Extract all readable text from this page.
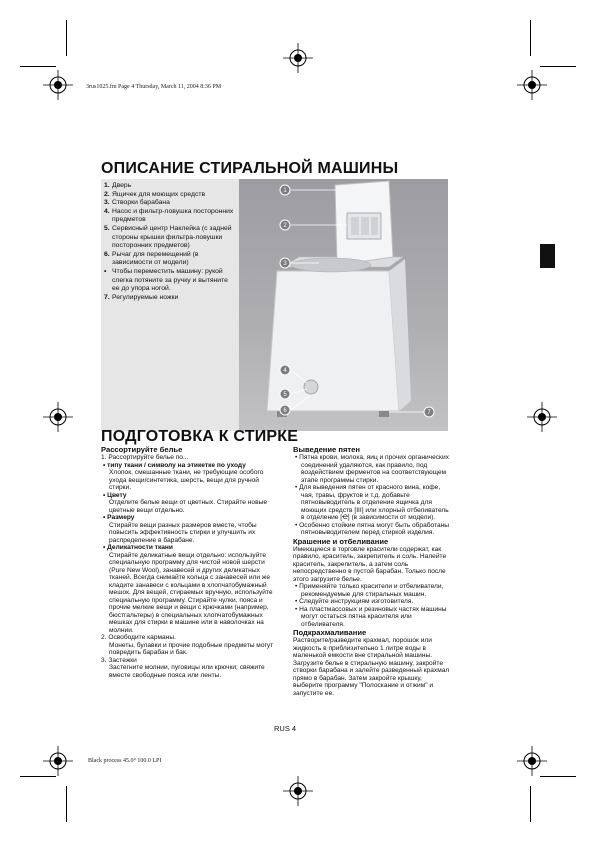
3rus1025.fm Page 4 Thursday, March 11, 2004 8:36 PM
Black process 45.0° 100.0 LPI
ОПИСАНИЕ СТИРАЛЬНОЙ МАШИНЫ
1. Дверь
2. Ящичек для моющих средств
3. Створки барабана
4. Насос и фильтр-ловушка посторонних предметов
5. Сервисный центр Наклейка (с задней стороны крышки фильтра-ловушки посторонних предметов)
6. Рычаг для перемещений (в зависимости от модели)
• Чтобы переместить машину: рукой слегка потяните за ручку и вытяните ее до упора ногой.
7. Регулируемые ножки
1
2
3
4
5
6	7
ПОДГОТОВКА К СТИРКЕ

Рассортируйте белье

1. Рассортируйте белье по...

• типу ткани / символу на этикетке по уходу

Хлопок, смешанные ткани, не требующие особого ухода вещи/синтетика, шерсть, вещи для ручной стирки.

• Цвету

Отделите белые вещи от цветных. Стирайте новые цветные вещи отдельно.

• Размеру

Стирайте вещи разных размеров вместе, чтобы повысить эффективность стирки и улучшить их распределение в барабане.

• Деликатности ткани

Стирайте деликатные вещи отдельно: используйте специальную программу для чистой новой шерсти (Pure New Wool), занавесей и других деликатных тканей. Всегда снимайте кольца с занавесей или же кладите занавеси с кольцами в хлопчатобумажный мешок. Для вещей, стираемых вручную, используйте специальную программу. Стирайте чулки, пояса и прочие мелкие вещи и вещи с крючками (например, бюстгальтеры) в специальных хлопчатобумажных мешках для стирки в машине или в наволочках на молнии.

2. Освободите карманы.

Монеты, булавки и прочие подобные предметы могут повредить барабан и бак.

3. Застежки

Застегните молнии, пуговицы или крючки; свяжите вместе свободные пояса или ленты.

Выведение пятен

• Пятна крови, молока, яиц и прочих органических соединений удаляются, как правило, под воздействием ферментов на соответствующем этапе программы стирки.

• Для выведения пятен от красного вина, кофе, чая, травы, фруктов и т.д. добавьте пятновыводитель в отделение ящичка для моющих средств [III] или хлорный отбеливатель в отделение [Ҽ] (в зависимости от модели).

• Особенно стойкие пятна могут быть обработаны пятновыводителем перед стиркой изделия.

Крашение и отбеливание

Имеющиеся в торговле красители содержат, как правило, краситель, закрепитель и соль. Налейте краситель, закрепитель, а затем соль непосредственно в пустой барабан. Только после этого загрузите белье.

• Применяйте только красители и отбеливатели, рекомендуемые для стиральных машин.

• Следуйте инструкциям изготовителя.

• На пластмассовых и резиновых частях машины могут остаться пятна красителя или отбеливателя.

Подкрахмаливание

Растворите/разведите крахмал, порошок или жидкость в приблизительно 1 литре воды в маленькой емкости вне стиральной машины. Загрузите белье в стиральную машину, закройте створки барабана и залейте разведенный крахмал прямо в барабан. Затем закройте крышку, выберите программу "Полоскание и отжим" и запустите ее.

RUS 4
